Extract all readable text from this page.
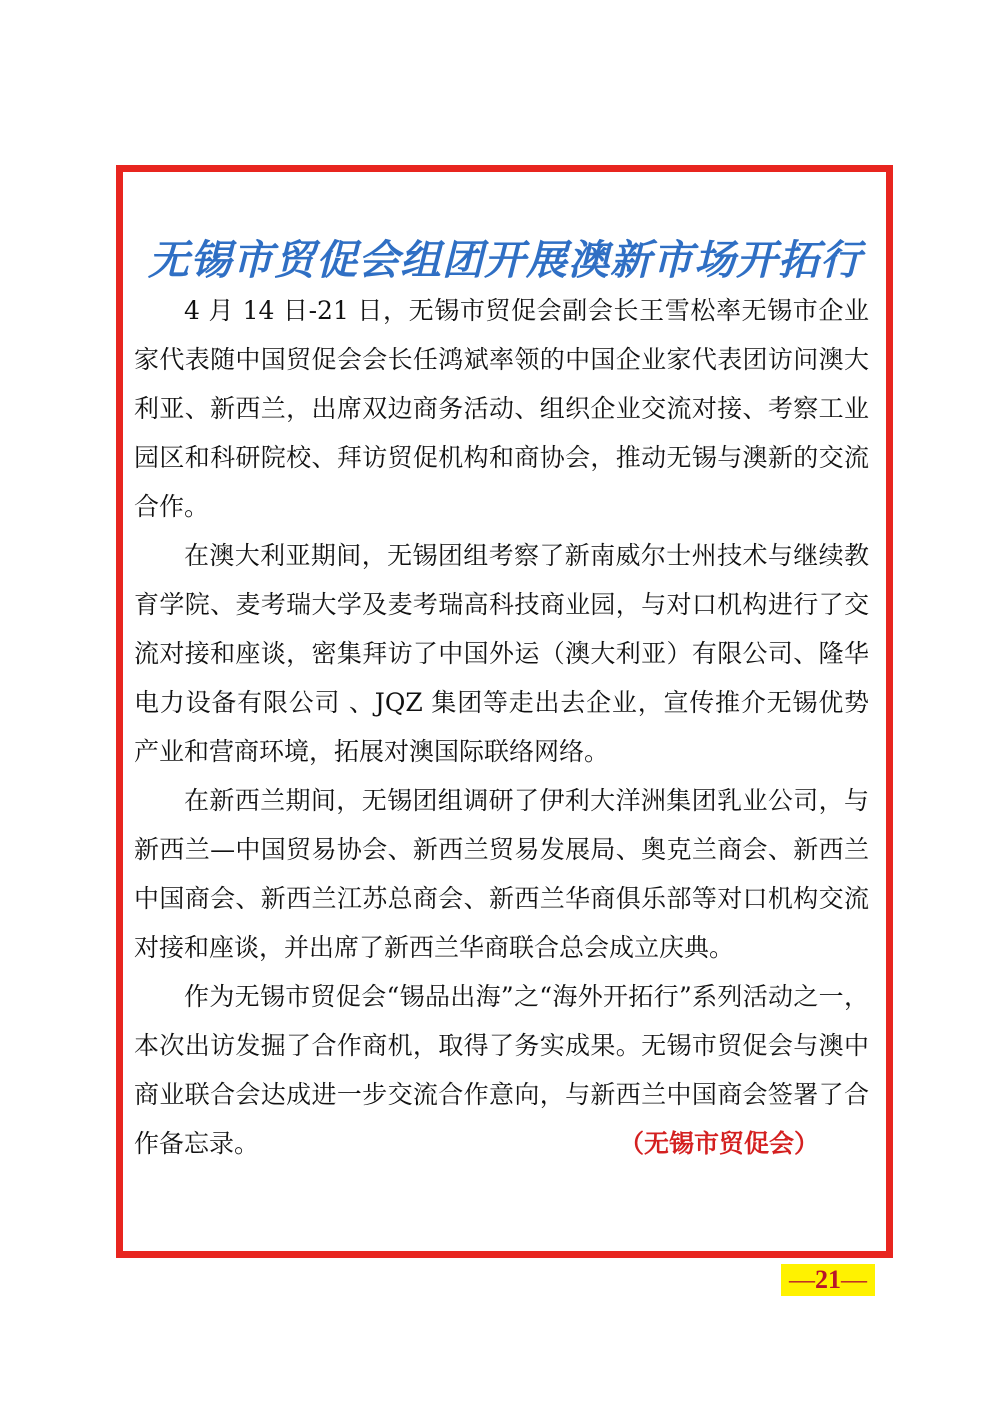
无锡市贸促会组团开展澳新市场开拓行

4 月 14 日-21 日，无锡市贸促会副会长王雪松率无锡市企业家代表随中国贸促会会长任鸿斌率领的中国企业家代表团访问澳大利亚、新西兰，出席双边商务活动、组织企业交流对接、考察工业园区和科研院校、拜访贸促机构和商协会，推动无锡与澳新的交流合作。

在澳大利亚期间，无锡团组考察了新南威尔士州技术与继续教育学院、麦考瑞大学及麦考瑞高科技商业园，与对口机构进行了交流对接和座谈，密集拜访了中国外运（澳大利亚）有限公司、隆华电力设备有限公司 、JQZ 集团等走出去企业，宣传推介无锡优势产业和营商环境，拓展对澳国际联络网络。

在新西兰期间，无锡团组调研了伊利大洋洲集团乳业公司，与新西兰—中国贸易协会、新西兰贸易发展局、奥克兰商会、新西兰中国商会、新西兰江苏总商会、新西兰华商俱乐部等对口机构交流对接和座谈，并出席了新西兰华商联合总会成立庆典。

作为无锡市贸促会“锡品出海”之“海外开拓行”系列活动之一，本次出访发掘了合作商机，取得了务实成果。无锡市贸促会与澳中商业联合会达成进一步交流合作意向，与新西兰中国商会签署了合作备忘录。	（无锡市贸促会）

—21—
